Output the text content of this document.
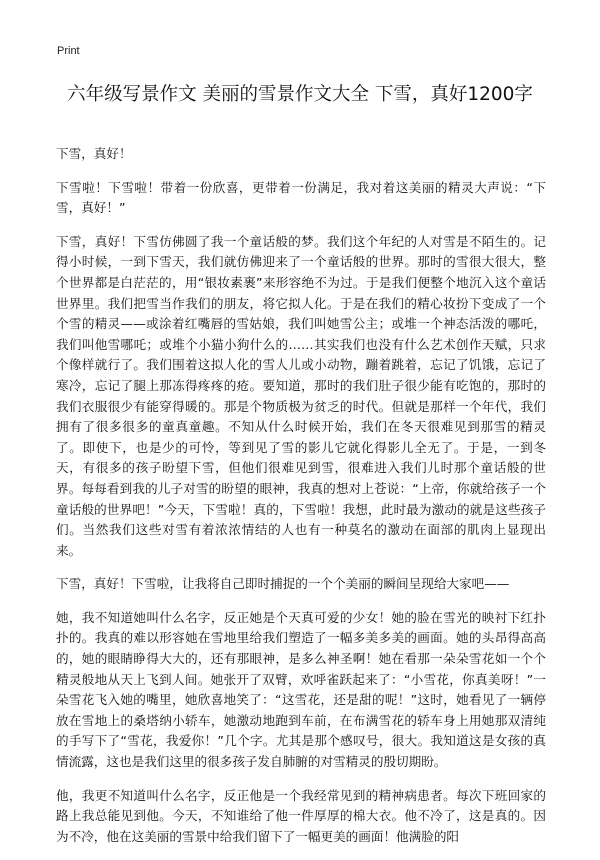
Print
六年级写景作文 美丽的雪景作文大全 下雪，真好1200字

下雪，真好！

下雪啦！下雪啦！带着一份欣喜，更带着一份满足，我对着这美丽的精灵大声说：“下雪，真好！”

下雪，真好！下雪仿佛圆了我一个童话般的梦。我们这个年纪的人对雪是不陌生的。记得小时候，一到下雪天，我们就仿佛迎来了一个童话般的世界。那时的雪很大很大，整个世界都是白茫茫的，用“银妆素裹”来形容绝不为过。于是我们便整个地沉入这个童话世界里。我们把雪当作我们的朋友，将它拟人化。于是在我们的精心妆扮下变成了一个个雪的精灵——或涂着红嘴唇的雪姑娘，我们叫她雪公主；或堆一个神态活泼的哪吒，我们叫他雪哪吒；或堆个小猫小狗什么的……其实我们也没有什么艺术创作天赋，只求个像样就行了。我们围着这拟人化的雪人儿或小动物，蹦着跳着，忘记了饥饿，忘记了寒冷，忘记了腿上那冻得疼疼的疮。要知道，那时的我们肚子很少能有吃饱的，那时的我们衣服很少有能穿得暖的。那是个物质极为贫乏的时代。但就是那样一个年代，我们拥有了很多很多的童真童趣。不知从什么时候开始，我们在冬天很难见到那雪的精灵了。即使下，也是少的可怜，等到见了雪的影儿它就化得影儿全无了。于是，一到冬天，有很多的孩子盼望下雪，但他们很难见到雪，很难进入我们儿时那个童话般的世界。每每看到我的儿子对雪的盼望的眼神，我真的想对上苍说：“上帝，你就给孩子一个童话般的世界吧！”今天，下雪啦！真的，下雪啦！我想，此时最为激动的就是这些孩子们。当然我们这些对雪有着浓浓情结的人也有一种莫名的激动在面部的肌肉上显现出来。

下雪，真好！下雪啦，让我将自己即时捕捉的一个个美丽的瞬间呈现给大家吧——

她，我不知道她叫什么名字，反正她是个天真可爱的少女！她的脸在雪光的映衬下红扑扑的。我真的难以形容她在雪地里给我们塑造了一幅多美多美的画面。她的头昂得高高的，她的眼睛睁得大大的，还有那眼神，是多么神圣啊！她在看那一朵朵雪花如一个个精灵般地从天上飞到人间。她张开了双臂，欢呼雀跃起来了：“小雪花，你真美呀！”一朵雪花飞入她的嘴里，她欣喜地笑了：“这雪花，还是甜的呢！”这时，她看见了一辆停放在雪地上的桑塔纳小轿车，她激动地跑到车前，在布满雪花的轿车身上用她那双清纯的手写下了“雪花，我爱你！”几个字。尤其是那个感叹号，很大。我知道这是女孩的真情流露，这也是我们这里的很多孩子发自肺腑的对雪精灵的殷切期盼。

他，我更不知道叫什么名字，反正他是一个我经常见到的精神病患者。每次下班回家的路上我总能见到他。今天，不知谁给了他一件厚厚的棉大衣。他不冷了，这是真的。因为不冷，他在这美丽的雪景中给我们留下了一幅更美的画面！他满脸的阳
